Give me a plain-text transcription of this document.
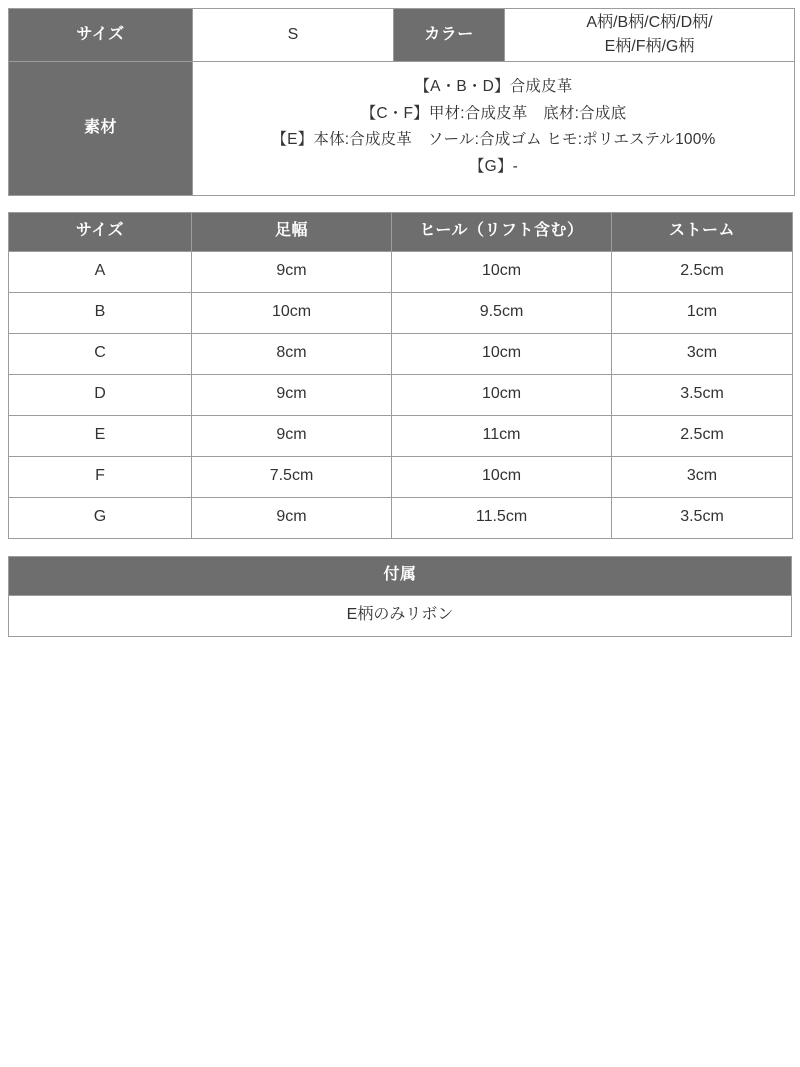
サイズ	S	カラー	A柄/B柄/C柄/D柄/
E柄/F柄/G柄
素材	【A・B・D】合成皮革
【C・F】甲材:合成皮革　底材:合成底
【E】本体:合成皮革　ソール:合成ゴム ヒモ:ポリエステル100%
【G】-		
サイズ	足幅	ヒール（リフト含む）	ストーム
A	9cm	10cm	2.5cm
B	10cm	9.5cm	1cm
C	8cm	10cm	3cm
D	9cm	10cm	3.5cm
E	9cm	11cm	2.5cm
F	7.5cm	10cm	3cm
G	9cm	11.5cm	3.5cm
付属
E柄のみリボン
